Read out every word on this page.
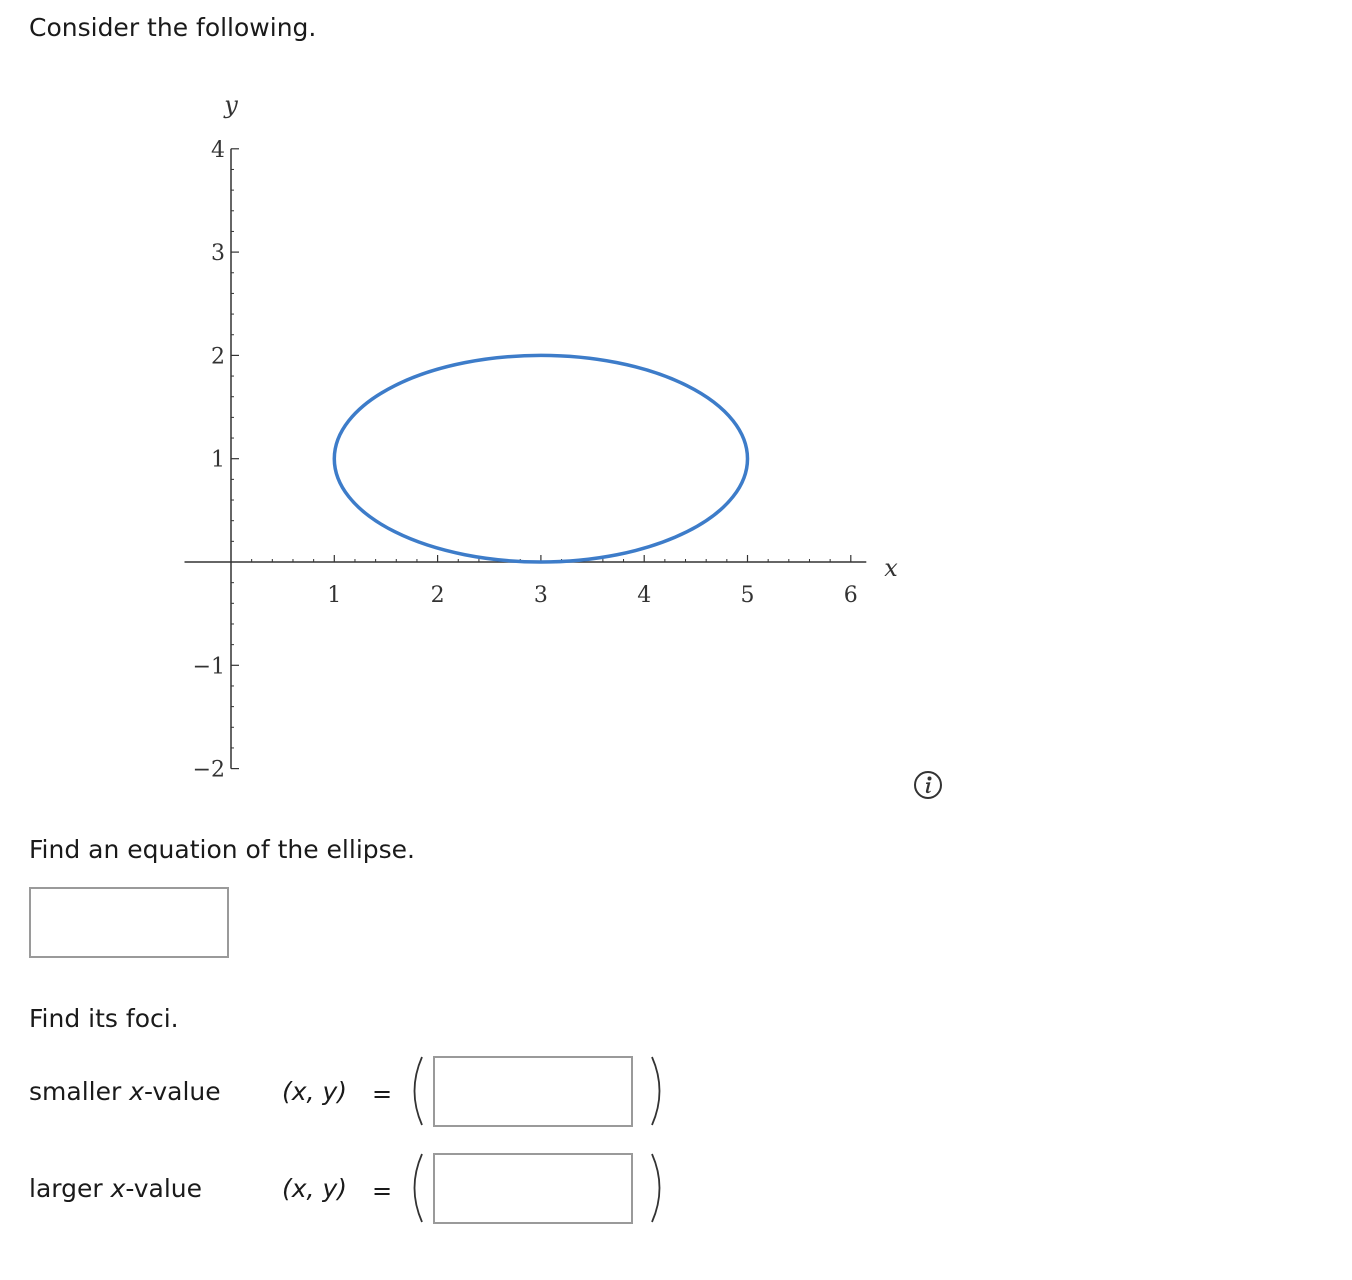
Consider the following.

1	2	3	4	5	6
4
3
2
1
−1
−2
x
y

Find an equation of the ellipse.

Find its foci.

smaller x-value (x, y) =

larger x-value	(x, y) =
